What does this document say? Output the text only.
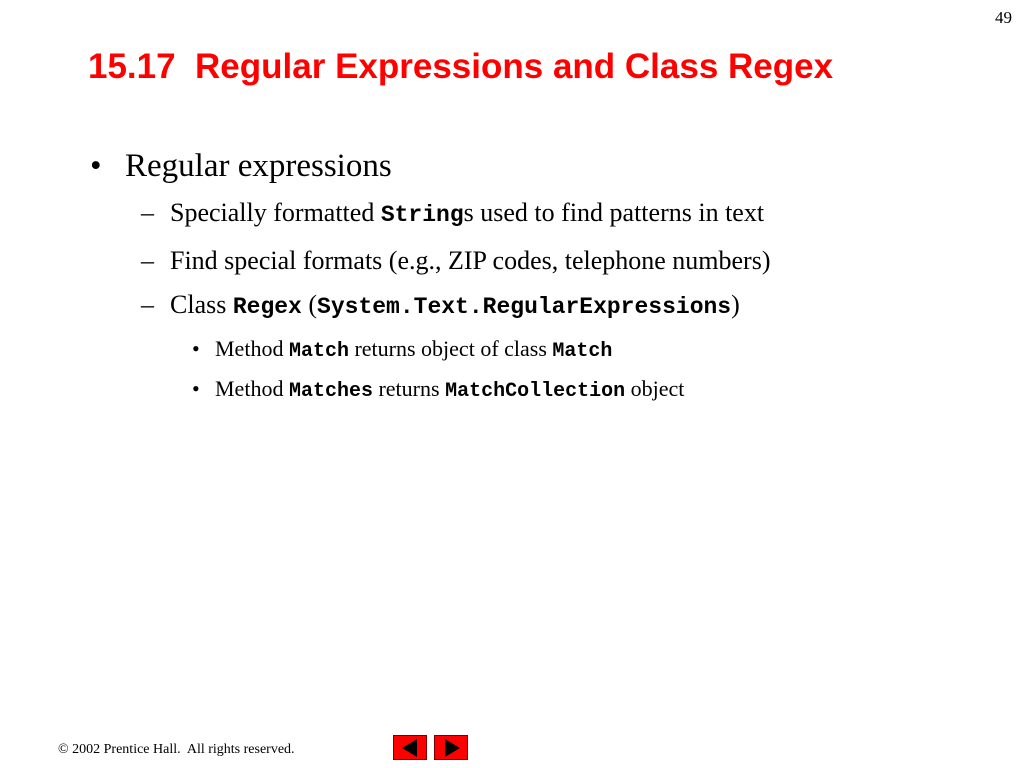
49
15.17  Regular Expressions and Class Regex
• Regular expressions
– Specially formatted Strings used to find patterns in text
– Find special formats (e.g., ZIP codes, telephone numbers)
– Class Regex (System.Text.RegularExpressions)
• Method Match returns object of class Match
• Method Matches returns MatchCollection object
© 2002 Prentice Hall.  All rights reserved.
